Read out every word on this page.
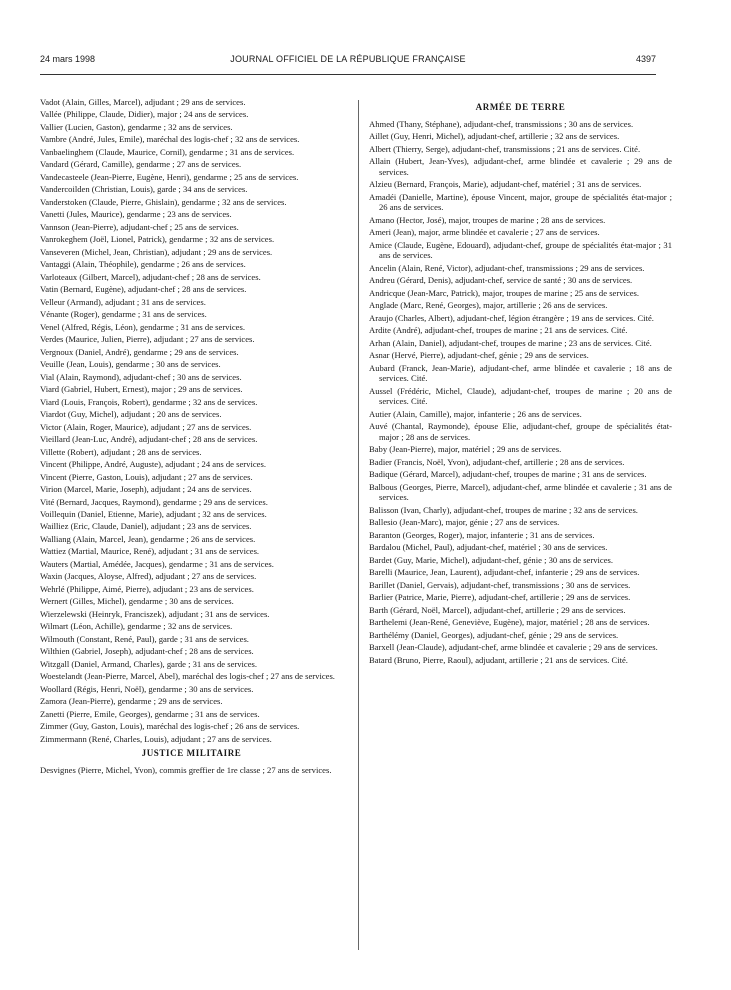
24 mars 1998	JOURNAL OFFICIEL DE LA RÉPUBLIQUE FRANÇAISE	4397

Vadot (Alain, Gilles, Marcel), adjudant ; 29 ans de services.

Vallée (Philippe, Claude, Didier), major ; 24 ans de services.

Vallier (Lucien, Gaston), gendarme ; 32 ans de services.

Vambre (André, Jules, Emile), maréchal des logis-chef ; 32 ans de services.

Vanbaelinghem (Claude, Maurice, Cornil), gendarme ; 31 ans de services.

Vandard (Gérard, Camille), gendarme ; 27 ans de services.

Vandecasteele (Jean-Pierre, Eugène, Henri), gendarme ; 25 ans de services.

Vandercoilden (Christian, Louis), garde ; 34 ans de services.

Vanderstoken (Claude, Pierre, Ghislain), gendarme ; 32 ans de services.

Vanetti (Jules, Maurice), gendarme ; 23 ans de services.

Vannson (Jean-Pierre), adjudant-chef ; 25 ans de services.

Vanrokeghem (Joël, Lionel, Patrick), gendarme ; 32 ans de services.

Vanseveren (Michel, Jean, Christian), adjudant ; 29 ans de services.

Vantaggi (Alain, Théophile), gendarme ; 26 ans de services.

Varloteaux (Gilbert, Marcel), adjudant-chef ; 28 ans de services.

Vatin (Bernard, Eugène), adjudant-chef ; 28 ans de services.

Velleur (Armand), adjudant ; 31 ans de services.

Vénante (Roger), gendarme ; 31 ans de services.

Venel (Alfred, Régis, Léon), gendarme ; 31 ans de services.

Verdes (Maurice, Julien, Pierre), adjudant ; 27 ans de services.

Vergnoux (Daniel, André), gendarme ; 29 ans de services.

Veuille (Jean, Louis), gendarme ; 30 ans de services.

Vial (Alain, Raymond), adjudant-chef ; 30 ans de services.

Viard (Gabriel, Hubert, Ernest), major ; 29 ans de services.

Viard (Louis, François, Robert), gendarme ; 32 ans de services.

Viardot (Guy, Michel), adjudant ; 20 ans de services.

Victor (Alain, Roger, Maurice), adjudant ; 27 ans de services.

Vieillard (Jean-Luc, André), adjudant-chef ; 28 ans de services.

Villette (Robert), adjudant ; 28 ans de services.

Vincent (Philippe, André, Auguste), adjudant ; 24 ans de services.

Vincent (Pierre, Gaston, Louis), adjudant ; 27 ans de services.

Virion (Marcel, Marie, Joseph), adjudant ; 24 ans de services.

Vité (Bernard, Jacques, Raymond), gendarme ; 29 ans de services.

Voillequin (Daniel, Etienne, Marie), adjudant ; 32 ans de services.

Wailliez (Eric, Claude, Daniel), adjudant ; 23 ans de services.

Walliang (Alain, Marcel, Jean), gendarme ; 26 ans de services.

Wattiez (Martial, Maurice, René), adjudant ; 31 ans de services.

Wauters (Martial, Amédée, Jacques), gendarme ; 31 ans de services.

Waxin (Jacques, Aloyse, Alfred), adjudant ; 27 ans de services.

Wehrlé (Philippe, Aimé, Pierre), adjudant ; 23 ans de services.

Wernert (Gilles, Michel), gendarme ; 30 ans de services.

Wierzelewski (Heinryk, Franciszek), adjudant ; 31 ans de services.

Wilmart (Léon, Achille), gendarme ; 32 ans de services.

Wilmouth (Constant, René, Paul), garde ; 31 ans de services.

Wilthien (Gabriel, Joseph), adjudant-chef ; 28 ans de services.

Witzgall (Daniel, Armand, Charles), garde ; 31 ans de services.

Woestelandt (Jean-Pierre, Marcel, Abel), maréchal des logis-chef ; 27 ans de services.

Woollard (Régis, Henri, Noël), gendarme ; 30 ans de services.

Zamora (Jean-Pierre), gendarme ; 29 ans de services.

Zanetti (Pierre, Emile, Georges), gendarme ; 31 ans de services.

Zimmer (Guy, Gaston, Louis), maréchal des logis-chef ; 26 ans de services.

Zimmermann (René, Charles, Louis), adjudant ; 27 ans de services.

JUSTICE MILITAIRE

Desvignes (Pierre, Michel, Yvon), commis greffier de 1re classe ; 27 ans de services.

ARMÉE DE TERRE

Ahmed (Thany, Stéphane), adjudant-chef, transmissions ; 30 ans de services.

Aillet (Guy, Henri, Michel), adjudant-chef, artillerie ; 32 ans de services.

Albert (Thierry, Serge), adjudant-chef, transmissions ; 21 ans de services. Cité.

Allain (Hubert, Jean-Yves), adjudant-chef, arme blindée et cavalerie ; 29 ans de services.

Alzieu (Bernard, François, Marie), adjudant-chef, matériel ; 31 ans de services.

Amadéi (Danielle, Martine), épouse Vincent, major, groupe de spécialités état-major ; 26 ans de services.

Amano (Hector, José), major, troupes de marine ; 28 ans de services.

Ameri (Jean), major, arme blindée et cavalerie ; 27 ans de services.

Amice (Claude, Eugène, Edouard), adjudant-chef, groupe de spécialités état-major ; 31 ans de services.

Ancelin (Alain, René, Victor), adjudant-chef, transmissions ; 29 ans de services.

Andreu (Gérard, Denis), adjudant-chef, service de santé ; 30 ans de services.

Andricque (Jean-Marc, Patrick), major, troupes de marine ; 25 ans de services.

Anglade (Marc, René, Georges), major, artillerie ; 26 ans de services.

Araujo (Charles, Albert), adjudant-chef, légion étrangère ; 19 ans de services. Cité.

Ardite (André), adjudant-chef, troupes de marine ; 21 ans de services. Cité.

Arhan (Alain, Daniel), adjudant-chef, troupes de marine ; 23 ans de services. Cité.

Asnar (Hervé, Pierre), adjudant-chef, génie ; 29 ans de services.

Aubard (Franck, Jean-Marie), adjudant-chef, arme blindée et cavalerie ; 18 ans de services. Cité.

Aussel (Frédéric, Michel, Claude), adjudant-chef, troupes de marine ; 20 ans de services. Cité.

Autier (Alain, Camille), major, infanterie ; 26 ans de services.

Auvé (Chantal, Raymonde), épouse Elie, adjudant-chef, groupe de spécialités état-major ; 28 ans de services.

Baby (Jean-Pierre), major, matériel ; 29 ans de services.

Badier (Francis, Noël, Yvon), adjudant-chef, artillerie ; 28 ans de services.

Badique (Gérard, Marcel), adjudant-chef, troupes de marine ; 31 ans de services.

Balbous (Georges, Pierre, Marcel), adjudant-chef, arme blindée et cavalerie ; 31 ans de services.

Balisson (Ivan, Charly), adjudant-chef, troupes de marine ; 32 ans de services.

Ballesio (Jean-Marc), major, génie ; 27 ans de services.

Baranton (Georges, Roger), major, infanterie ; 31 ans de services.

Bardalou (Michel, Paul), adjudant-chef, matériel ; 30 ans de services.

Bardet (Guy, Marie, Michel), adjudant-chef, génie ; 30 ans de services.

Barelli (Maurice, Jean, Laurent), adjudant-chef, infanterie ; 29 ans de services.

Barillet (Daniel, Gervais), adjudant-chef, transmissions ; 30 ans de services.

Barlier (Patrice, Marie, Pierre), adjudant-chef, artillerie ; 29 ans de services.

Barth (Gérard, Noël, Marcel), adjudant-chef, artillerie ; 29 ans de services.

Barthelemi (Jean-René, Geneviève, Eugène), major, matériel ; 28 ans de services.

Barthélémy (Daniel, Georges), adjudant-chef, génie ; 29 ans de services.

Barxell (Jean-Claude), adjudant-chef, arme blindée et cavalerie ; 29 ans de services.

Batard (Bruno, Pierre, Raoul), adjudant, artillerie ; 21 ans de services. Cité.
